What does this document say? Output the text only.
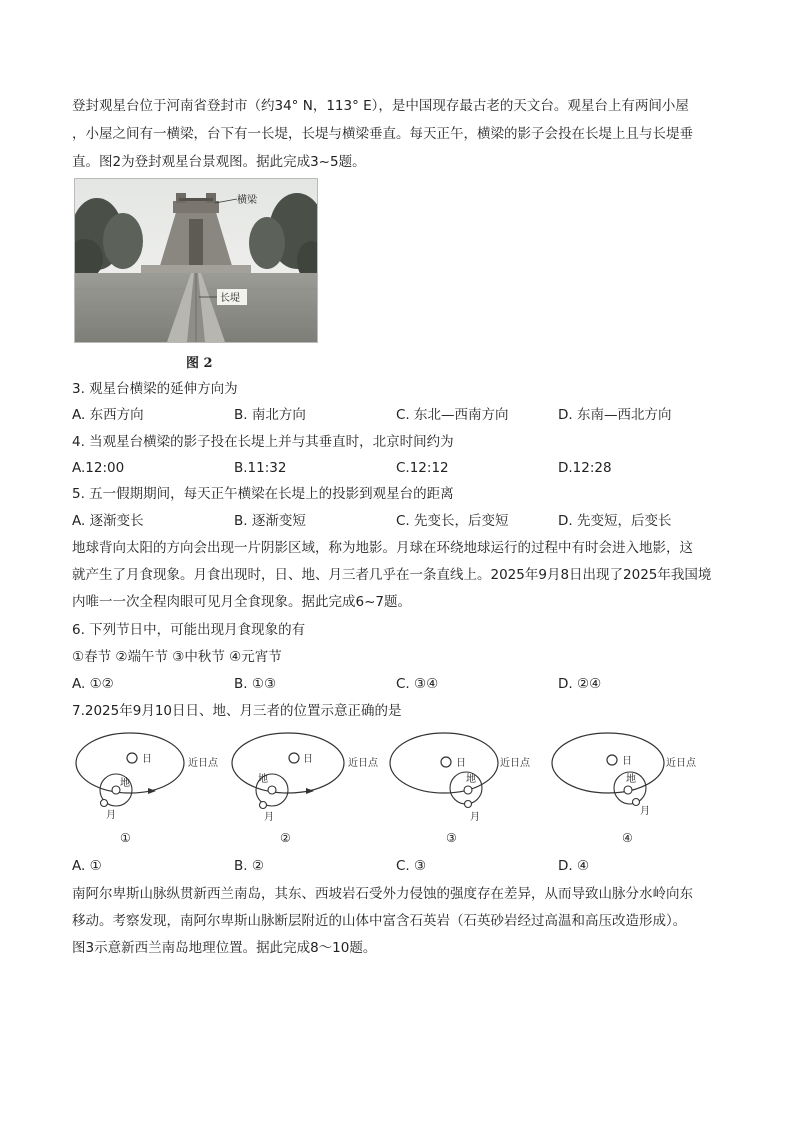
登封观星台位于河南省登封市（约34° N，113° E），是中国现存最古老的天文台。观星台上有两间小屋
，小屋之间有一横梁，台下有一长堤，长堤与横梁垂直。每天正午，横梁的影子会投在长堤上且与长堤垂
直。图2为登封观星台景观图。据此完成3~5题。
横梁
长堤
图 2
3. 观星台横梁的延伸方向为
A. 东西方向	B. 南北方向	C. 东北—西南方向	D. 东南—西北方向
4. 当观星台横梁的影子投在长堤上并与其垂直时，北京时间约为
A.12:00	B.11:32	C.12:12	D.12:28
5. 五一假期期间，每天正午横梁在长堤上的投影到观星台的距离
A. 逐渐变长	B. 逐渐变短	C. 先变长，后变短	D. 先变短，后变长
地球背向太阳的方向会出现一片阴影区域，称为地影。月球在环绕地球运行的过程中有时会进入地影，这
就产生了月食现象。月食出现时，日、地、月三者几乎在一条直线上。2025年9月8日出现了2025年我国境
内唯一一次全程肉眼可见月全食现象。据此完成6~7题。
6. 下列节日中，可能出现月食现象的有
①春节 ②端午节 ③中秋节 ④元宵节
A. ①②	B. ①③	C. ③④	D. ②④
7.2025年9月10日日、地、月三者的位置示意正确的是
日	近日点
地
月
①
日	近日点
地
月
②
日	近日点
地
月
③
日	近日点
地
月
④
A. ①	B. ②	C. ③	D. ④
南阿尔卑斯山脉纵贯新西兰南岛，其东、西坡岩石受外力侵蚀的强度存在差异，从而导致山脉分水岭向东
移动。考察发现，南阿尔卑斯山脉断层附近的山体中富含石英岩（石英砂岩经过高温和高压改造形成）。
图3示意新西兰南岛地理位置。据此完成8～10题。
